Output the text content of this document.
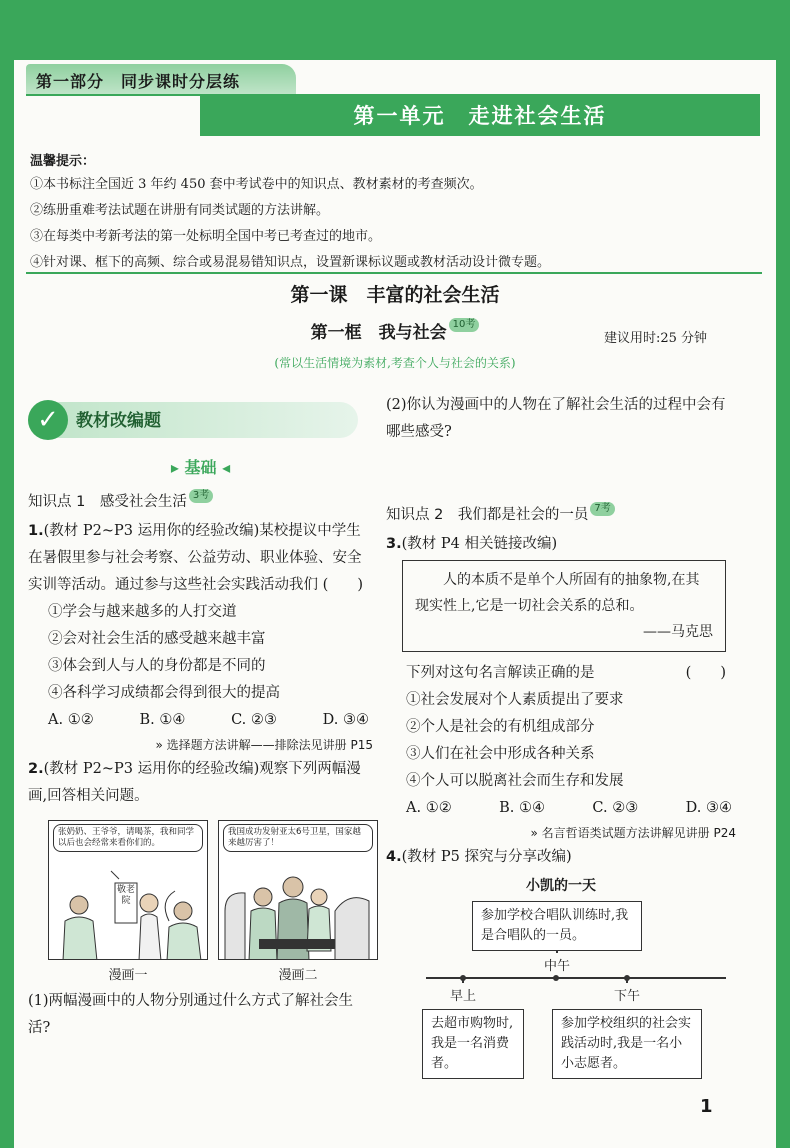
第一部分　同步课时分层练
第一单元　走进社会生活
温馨提示：
①本书标注全国近 3 年约 450 套中考试卷中的知识点、教材素材的考查频次。
②练册重难考法试题在讲册有同类试题的方法讲解。
③在每类中考新考法的第一处标明全国中考已考查过的地市。
④针对课、框下的高频、综合或易混易错知识点，设置新课标议题或教材活动设计微专题。
第一课　丰富的社会生活
第一框　我与社会 10考
建议用时:25 分钟
(常以生活情境为素材,考查个人与社会的关系)
✓	教材改编题
▸ 基础 ◂
知识点 1　感受社会生活 3考
1.(教材 P2~P3 运用你的经验改编)某校提议中学生在暑假里参与社会考察、公益劳动、职业体验、安全实训等活动。通过参与这些社会实践活动我们 (　　)
①学会与越来越多的人打交道
②会对社会生活的感受越来越丰富
③体会到人与人的身份都是不同的
④各科学习成绩都会得到很大的提高
A. ①②	B. ①④	C. ②③	D. ③④
» 选择题方法讲解——排除法见讲册 P15
2.(教材 P2~P3 运用你的经验改编)观察下列两幅漫画,回答相关问题。
张奶奶、王爷爷，请喝茶，我和同学以后也会经常来看你们的。
敬老院
漫画一
我国成功发射亚太6号卫星，国家越来越厉害了！
漫画二
(1)两幅漫画中的人物分别通过什么方式了解社会生活?
(2)你认为漫画中的人物在了解社会生活的过程中会有哪些感受?
知识点 2　我们都是社会的一员 7考
3.(教材 P4 相关链接改编)
人的本质不是单个人所固有的抽象物,在其现实性上,它是一切社会关系的总和。
——马克思
下列对这句名言解读正确的是	(　　)
①社会发展对个人素质提出了要求
②个人是社会的有机组成部分
③人们在社会中形成各种关系
④个人可以脱离社会而生存和发展
A. ①②	B. ①④	C. ②③	D. ③④
» 名言哲语类试题方法讲解见讲册 P24
4.(教材 P5 探究与分享改编)
小凯的一天
参加学校合唱队训练时,我是合唱队的一员。
中午
早上	下午
去超市购物时,我是一名消费者。
参加学校组织的社会实践活动时,我是一名小小志愿者。
1
